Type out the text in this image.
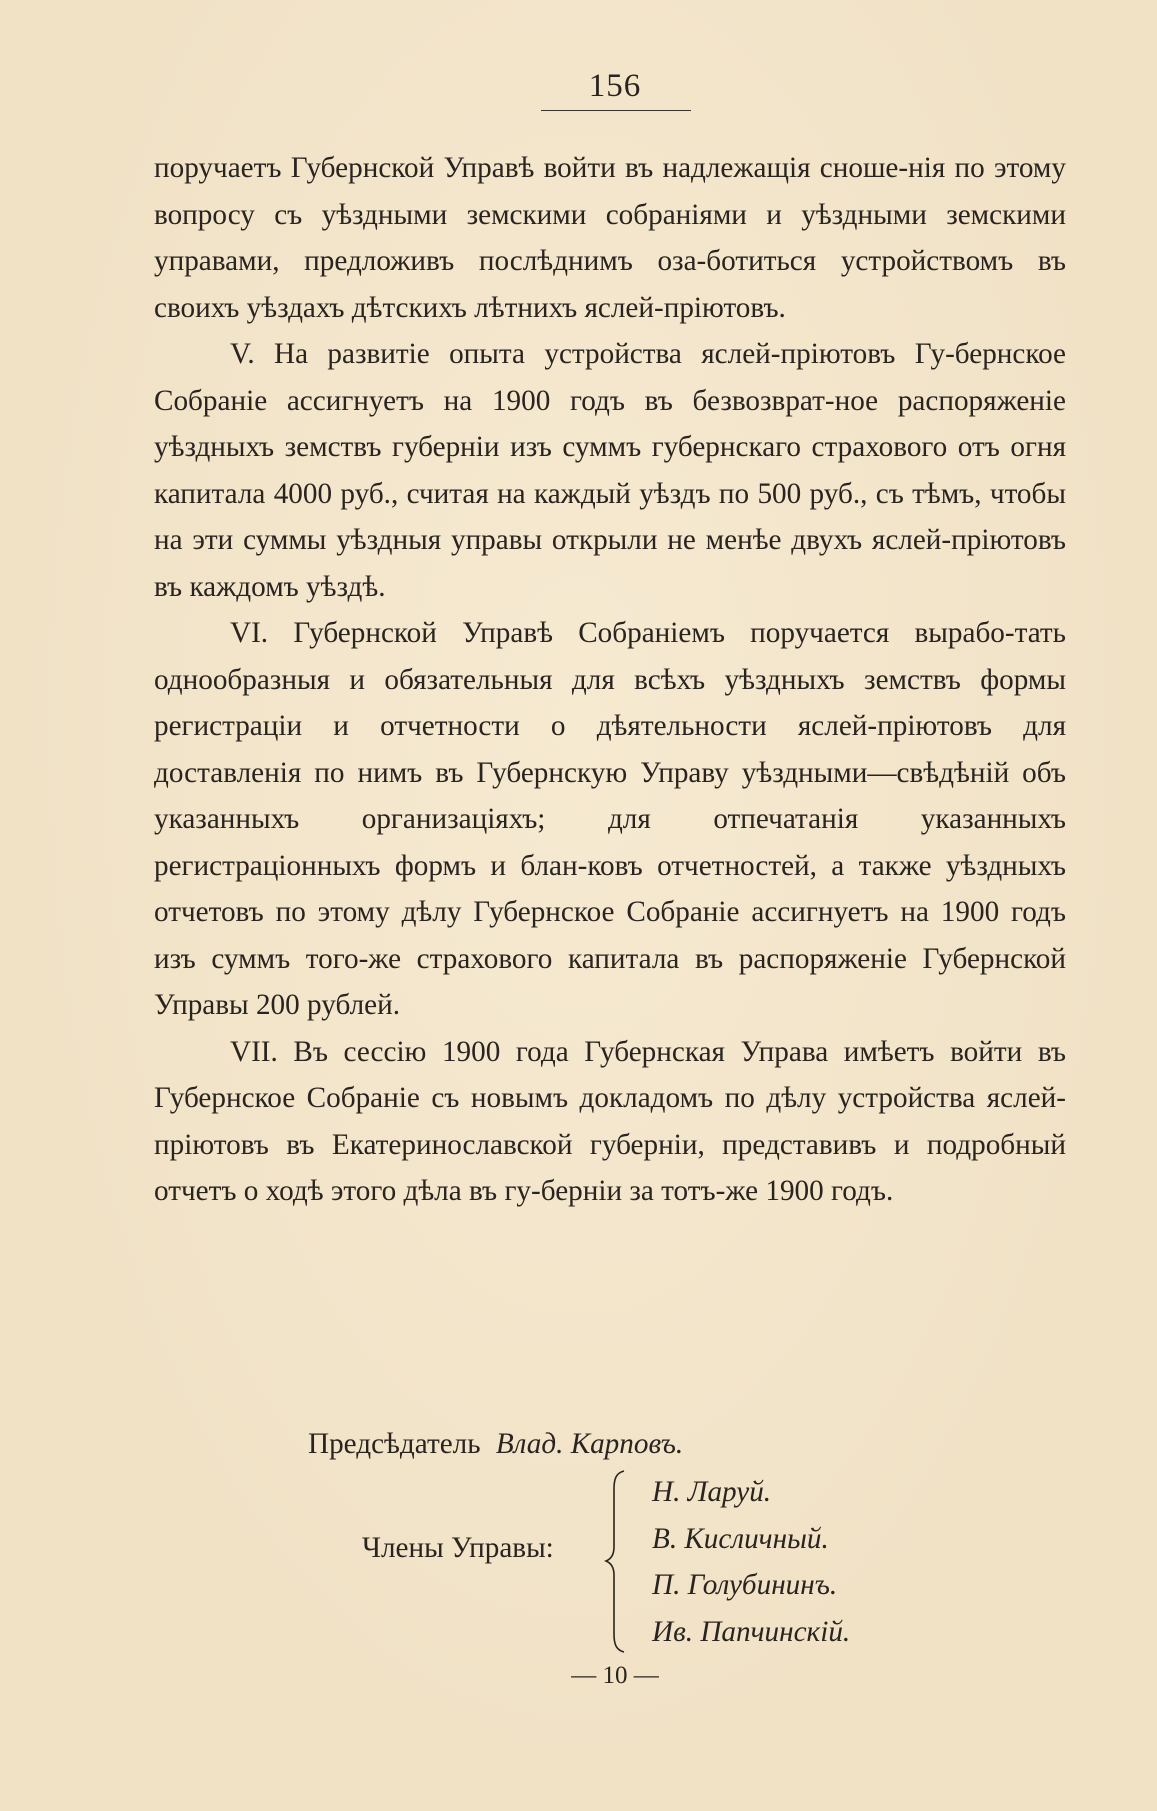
156

поручаетъ Губернской Управѣ войти въ надлежащія сноше-нія по этому вопросу съ уѣздными земскими собраніями и уѣздными земскими управами, предложивъ послѣднимъ оза-ботиться устройствомъ въ своихъ уѣздахъ дѣтскихъ лѣтнихъ яслей-пріютовъ.

V. На развитіе опыта устройства яслей-пріютовъ Гу-бернское Собраніе ассигнуетъ на 1900 годъ въ безвозврат-ное распоряженіе уѣздныхъ земствъ губерніи изъ суммъ губернскаго страхового отъ огня капитала 4000 руб., считая на каждый уѣздъ по 500 руб., съ тѣмъ, чтобы на эти суммы уѣздныя управы открыли не менѣе двухъ яслей-пріютовъ въ каждомъ уѣздѣ.

VI. Губернской Управѣ Собраніемъ поручается вырабо-тать однообразныя и обязательныя для всѣхъ уѣздныхъ земствъ формы регистраціи и отчетности о дѣятельности яслей-пріютовъ для доставленія по нимъ въ Губернскую Управу уѣздными—свѣдѣній объ указанныхъ организаціяхъ; для отпечатанія указанныхъ регистраціонныхъ формъ и блан-ковъ отчетностей, а также уѣздныхъ отчетовъ по этому дѣлу Губернское Собраніе ассигнуетъ на 1900 годъ изъ суммъ того-же страхового капитала въ распоряженіе Губернской Управы 200 рублей.

VII. Въ сессію 1900 года Губернская Управа имѣетъ войти въ Губернское Собраніе съ новымъ докладомъ по дѣлу устройства яслей-пріютовъ въ Екатеринославской губерніи, представивъ и подробный отчетъ о ходѣ этого дѣла въ гу-берніи за тотъ-же 1900 годъ.

Предсѣдатель Влад. Карповъ.
Члены Управы:
Н. Ларуй.
В. Кисличный.
П. Голубининъ.
Ив. Папчинскій.
— 10 —
